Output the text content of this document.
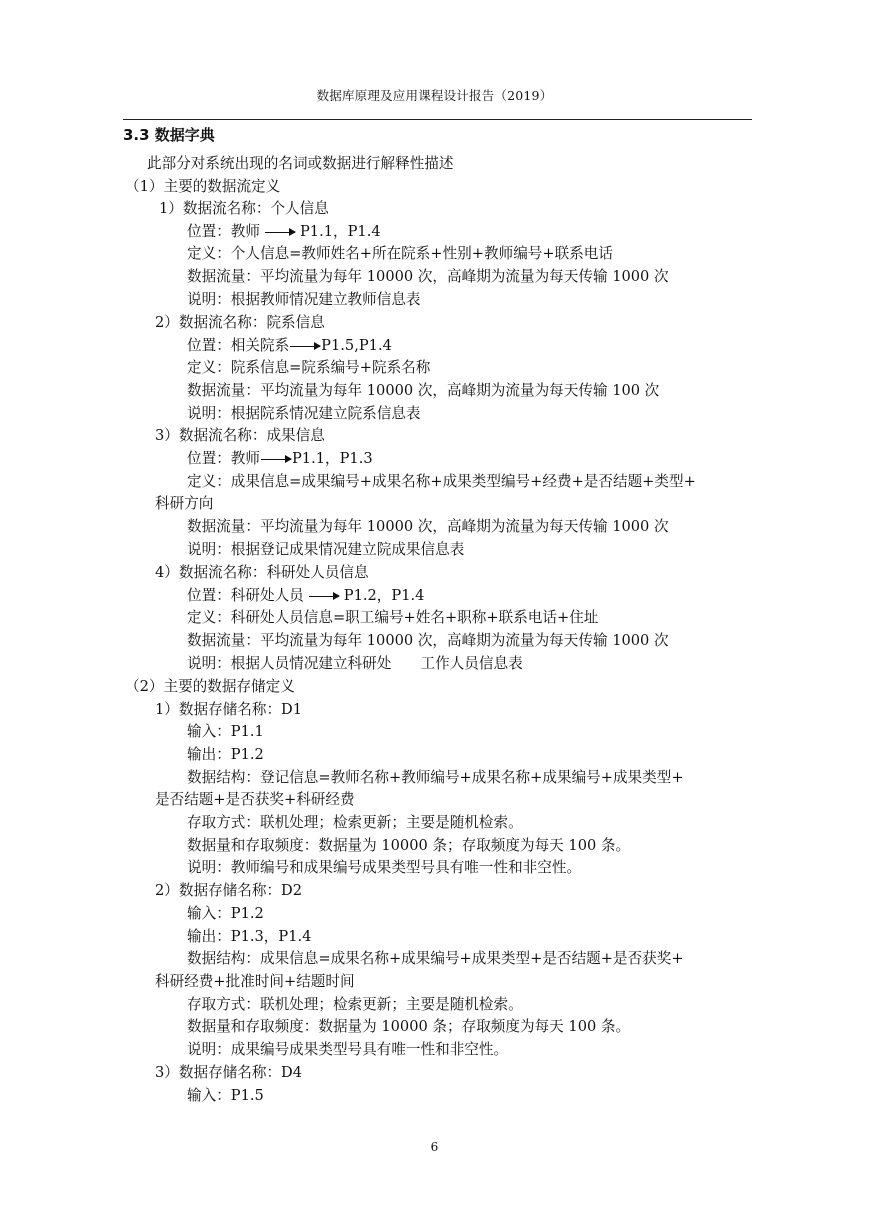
数据库原理及应用课程设计报告（2019）
3.3 数据字典
此部分对系统出现的名词或数据进行解释性描述
（1）主要的数据流定义
1）数据流名称：个人信息
位置：教师	P1.1，P1.4
定义：个人信息=教师姓名+所在院系+性别+教师编号+联系电话
数据流量：平均流量为每年 10000 次，高峰期为流量为每天传输 1000 次
说明：根据教师情况建立教师信息表
2）数据流名称：院系信息
位置：相关院系 P1.5,P1.4
定义：院系信息=院系编号+院系名称
数据流量：平均流量为每年 10000 次，高峰期为流量为每天传输 100 次
说明：根据院系情况建立院系信息表
3）数据流名称：成果信息
位置：教师 P1.1，P1.3
定义：成果信息=成果编号+成果名称+成果类型编号+经费+是否结题+类型+
科研方向
数据流量：平均流量为每年 10000 次，高峰期为流量为每天传输 1000 次
说明：根据登记成果情况建立院成果信息表
4）数据流名称：科研处人员信息
位置：科研处人员	P1.2，P1.4
定义：科研处人员信息=职工编号+姓名+职称+联系电话+住址
数据流量：平均流量为每年 10000 次，高峰期为流量为每天传输 1000 次
说明：根据人员情况建立科研处　　工作人员信息表
（2）主要的数据存储定义
1）数据存储名称：D1
输入：P1.1
输出：P1.2
数据结构：登记信息=教师名称+教师编号+成果名称+成果编号+成果类型+
是否结题+是否获奖+科研经费
存取方式：联机处理；检索更新；主要是随机检索。
数据量和存取频度：数据量为 10000 条；存取频度为每天 100 条。
说明：教师编号和成果编号成果类型号具有唯一性和非空性。
2）数据存储名称：D2
输入：P1.2
输出：P1.3，P1.4
数据结构：成果信息=成果名称+成果编号+成果类型+是否结题+是否获奖+
科研经费+批准时间+结题时间
存取方式：联机处理；检索更新；主要是随机检索。
数据量和存取频度：数据量为 10000 条；存取频度为每天 100 条。
说明：成果编号成果类型号具有唯一性和非空性。
3）数据存储名称：D4
输入：P1.5
6
